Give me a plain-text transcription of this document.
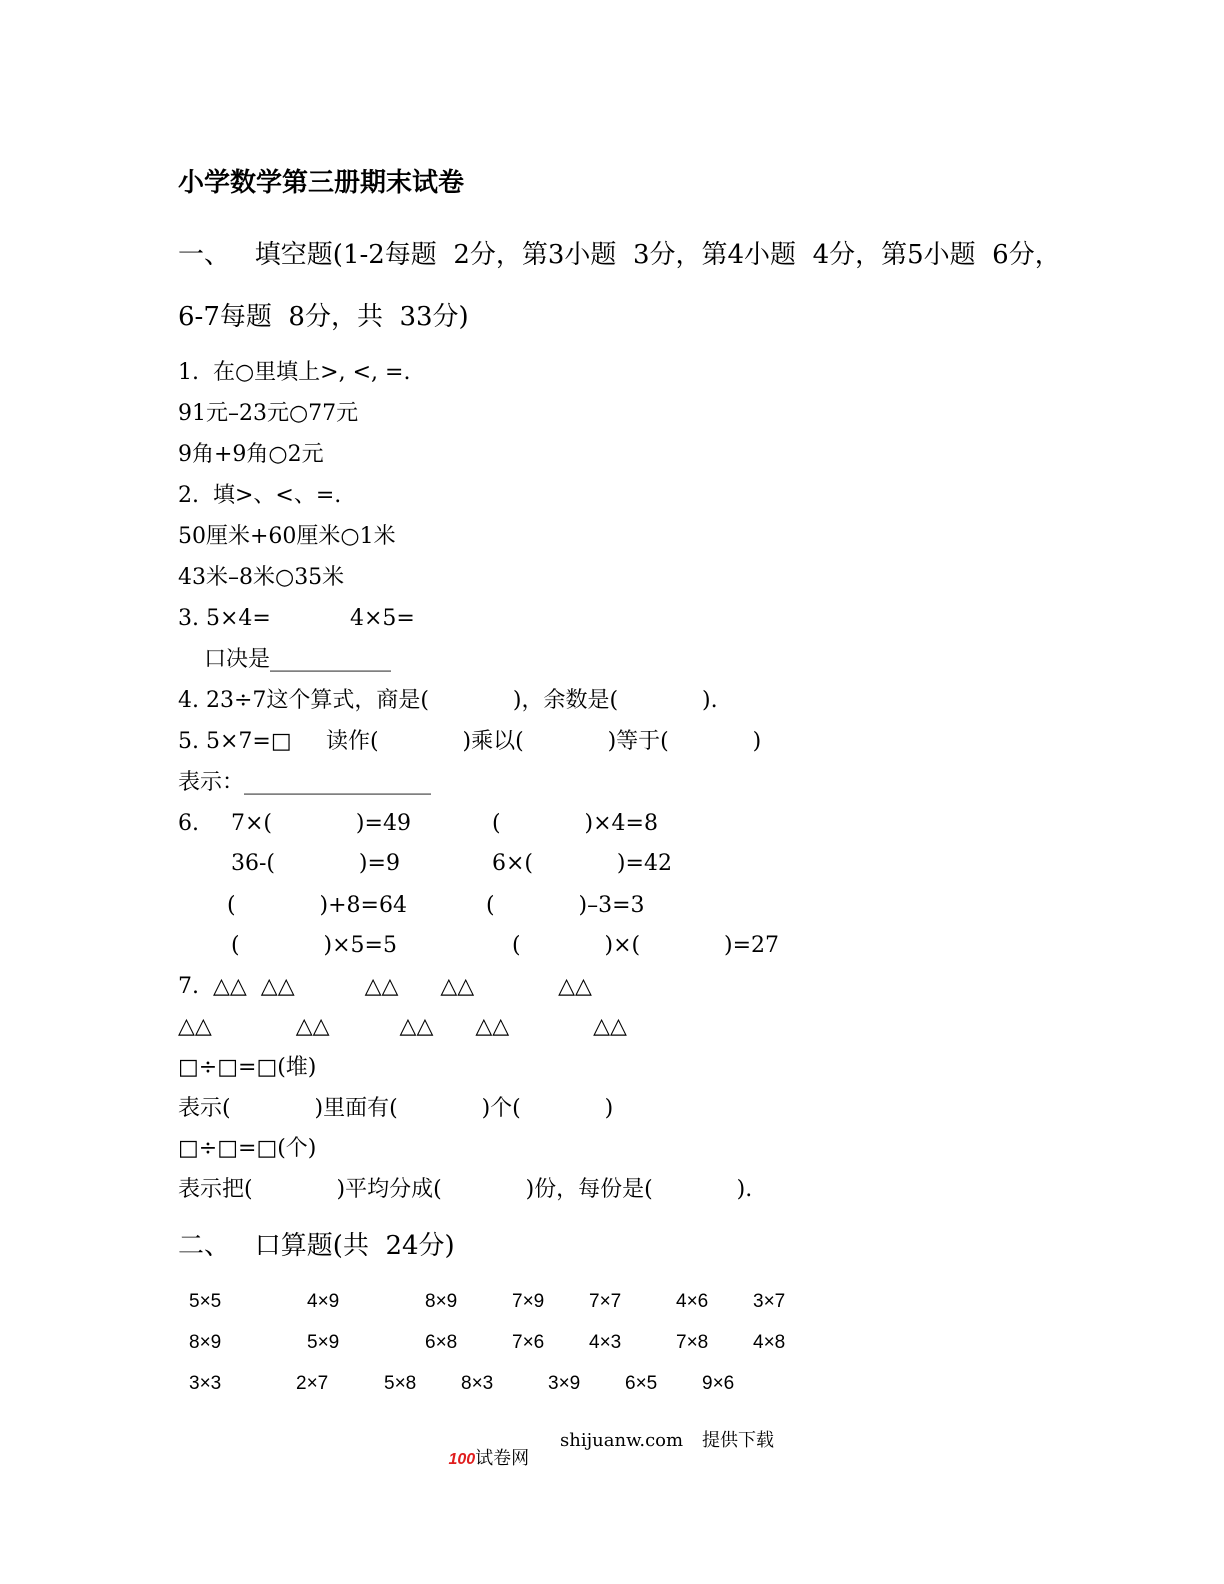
小学数学第三册期末试卷
一、   填空题(1-2每题  2分，第3小题  3分，第4小题  4分，第5小题  6分，
6-7每题  8分，共  33分)
1.  在○里填上>, <, =.
91元–23元○77元
9角+9角○2元
2.  填>、<、=.
50厘米+60厘米○1米
43米–8米○35米
3. 5×4=	4×5=
口决是___________
4. 23÷7这个算式，商是(            )，余数是(            ).
5. 5×7=□ 读作(            )乘以(            )等于(            )
表示：_________________
6. 7×(            )=49	(            )×4=8
36-(            )=9	6×(            )=42
(            )+8=64	(            )–3=3
(            )×5=5	(            )×(            )=27
7.  △△  △△          △△      △△            △△
△△            △△          △△      △△            △△
□÷□=□(堆)
表示(            )里面有(            )个(            )
□÷□=□(个)
表示把(            )平均分成(            )份，每份是(            ).
二、   口算题(共  24分)
5×5	4×9	8×9	7×9 7×7	4×6 3×7
8×9	5×9	6×8	7×6 4×3	7×8 4×8
3×3	2×7	5×8 8×3	3×9 6×5 9×6

100试卷网

shijuanw.com 提供下载
